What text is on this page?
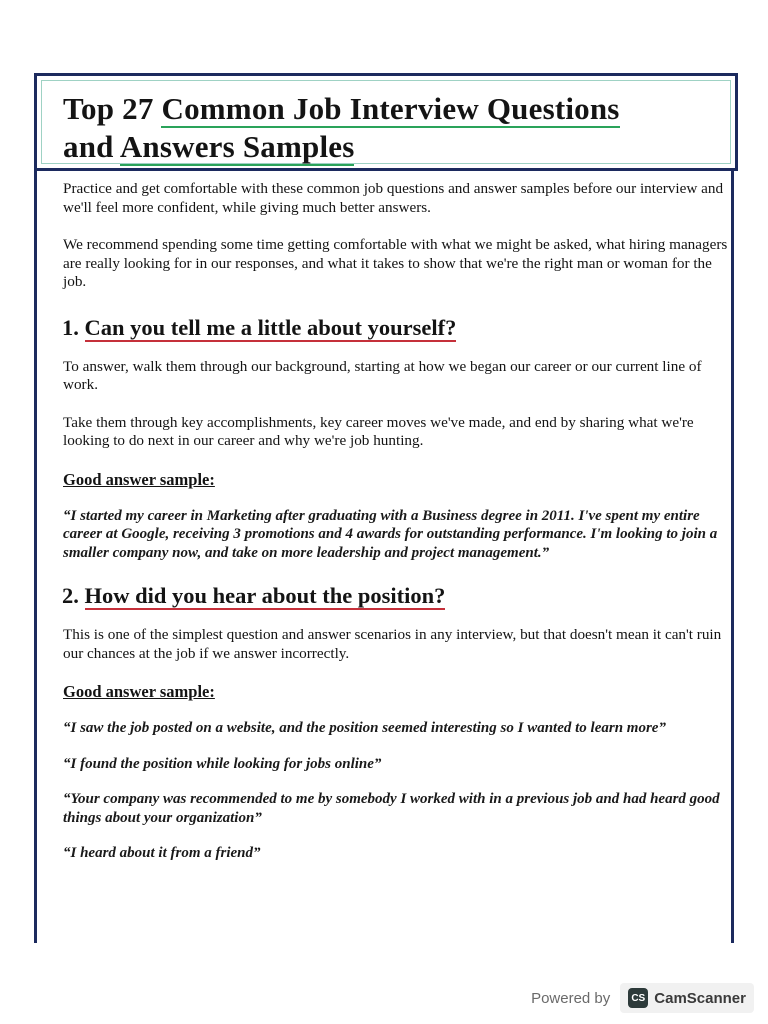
Top 27 Common Job Interview Questions
and Answers Samples

Practice and get comfortable with these common job questions and answer samples before our interview and we'll feel more confident, while giving much better answers.

We recommend spending some time getting comfortable with what we might be asked, what hiring managers are really looking for in our responses, and what it takes to show that we're the right man or woman for the job.

1. Can you tell me a little about yourself?

To answer, walk them through our background, starting at how we began our career or our current line of work.

Take them through key accomplishments, key career moves we've made, and end by sharing what we're looking to do next in our career and why we're job hunting.

Good answer sample:

“I started my career in Marketing after graduating with a Business degree in 2011. I've spent my entire career at Google, receiving 3 promotions and 4 awards for outstanding performance. I'm looking to join a smaller company now, and take on more leadership and project management.”

2. How did you hear about the position?

This is one of the simplest question and answer scenarios in any interview, but that doesn't mean it can't ruin our chances at the job if we answer incorrectly.

Good answer sample:

“I saw the job posted on a website, and the position seemed interesting so I wanted to learn more”

“I found the position while looking for jobs online”

“Your company was recommended to me by somebody I worked with in a previous job and had heard good things about your organization”

“I heard about it from a friend”

Powered by	CS CamScanner
